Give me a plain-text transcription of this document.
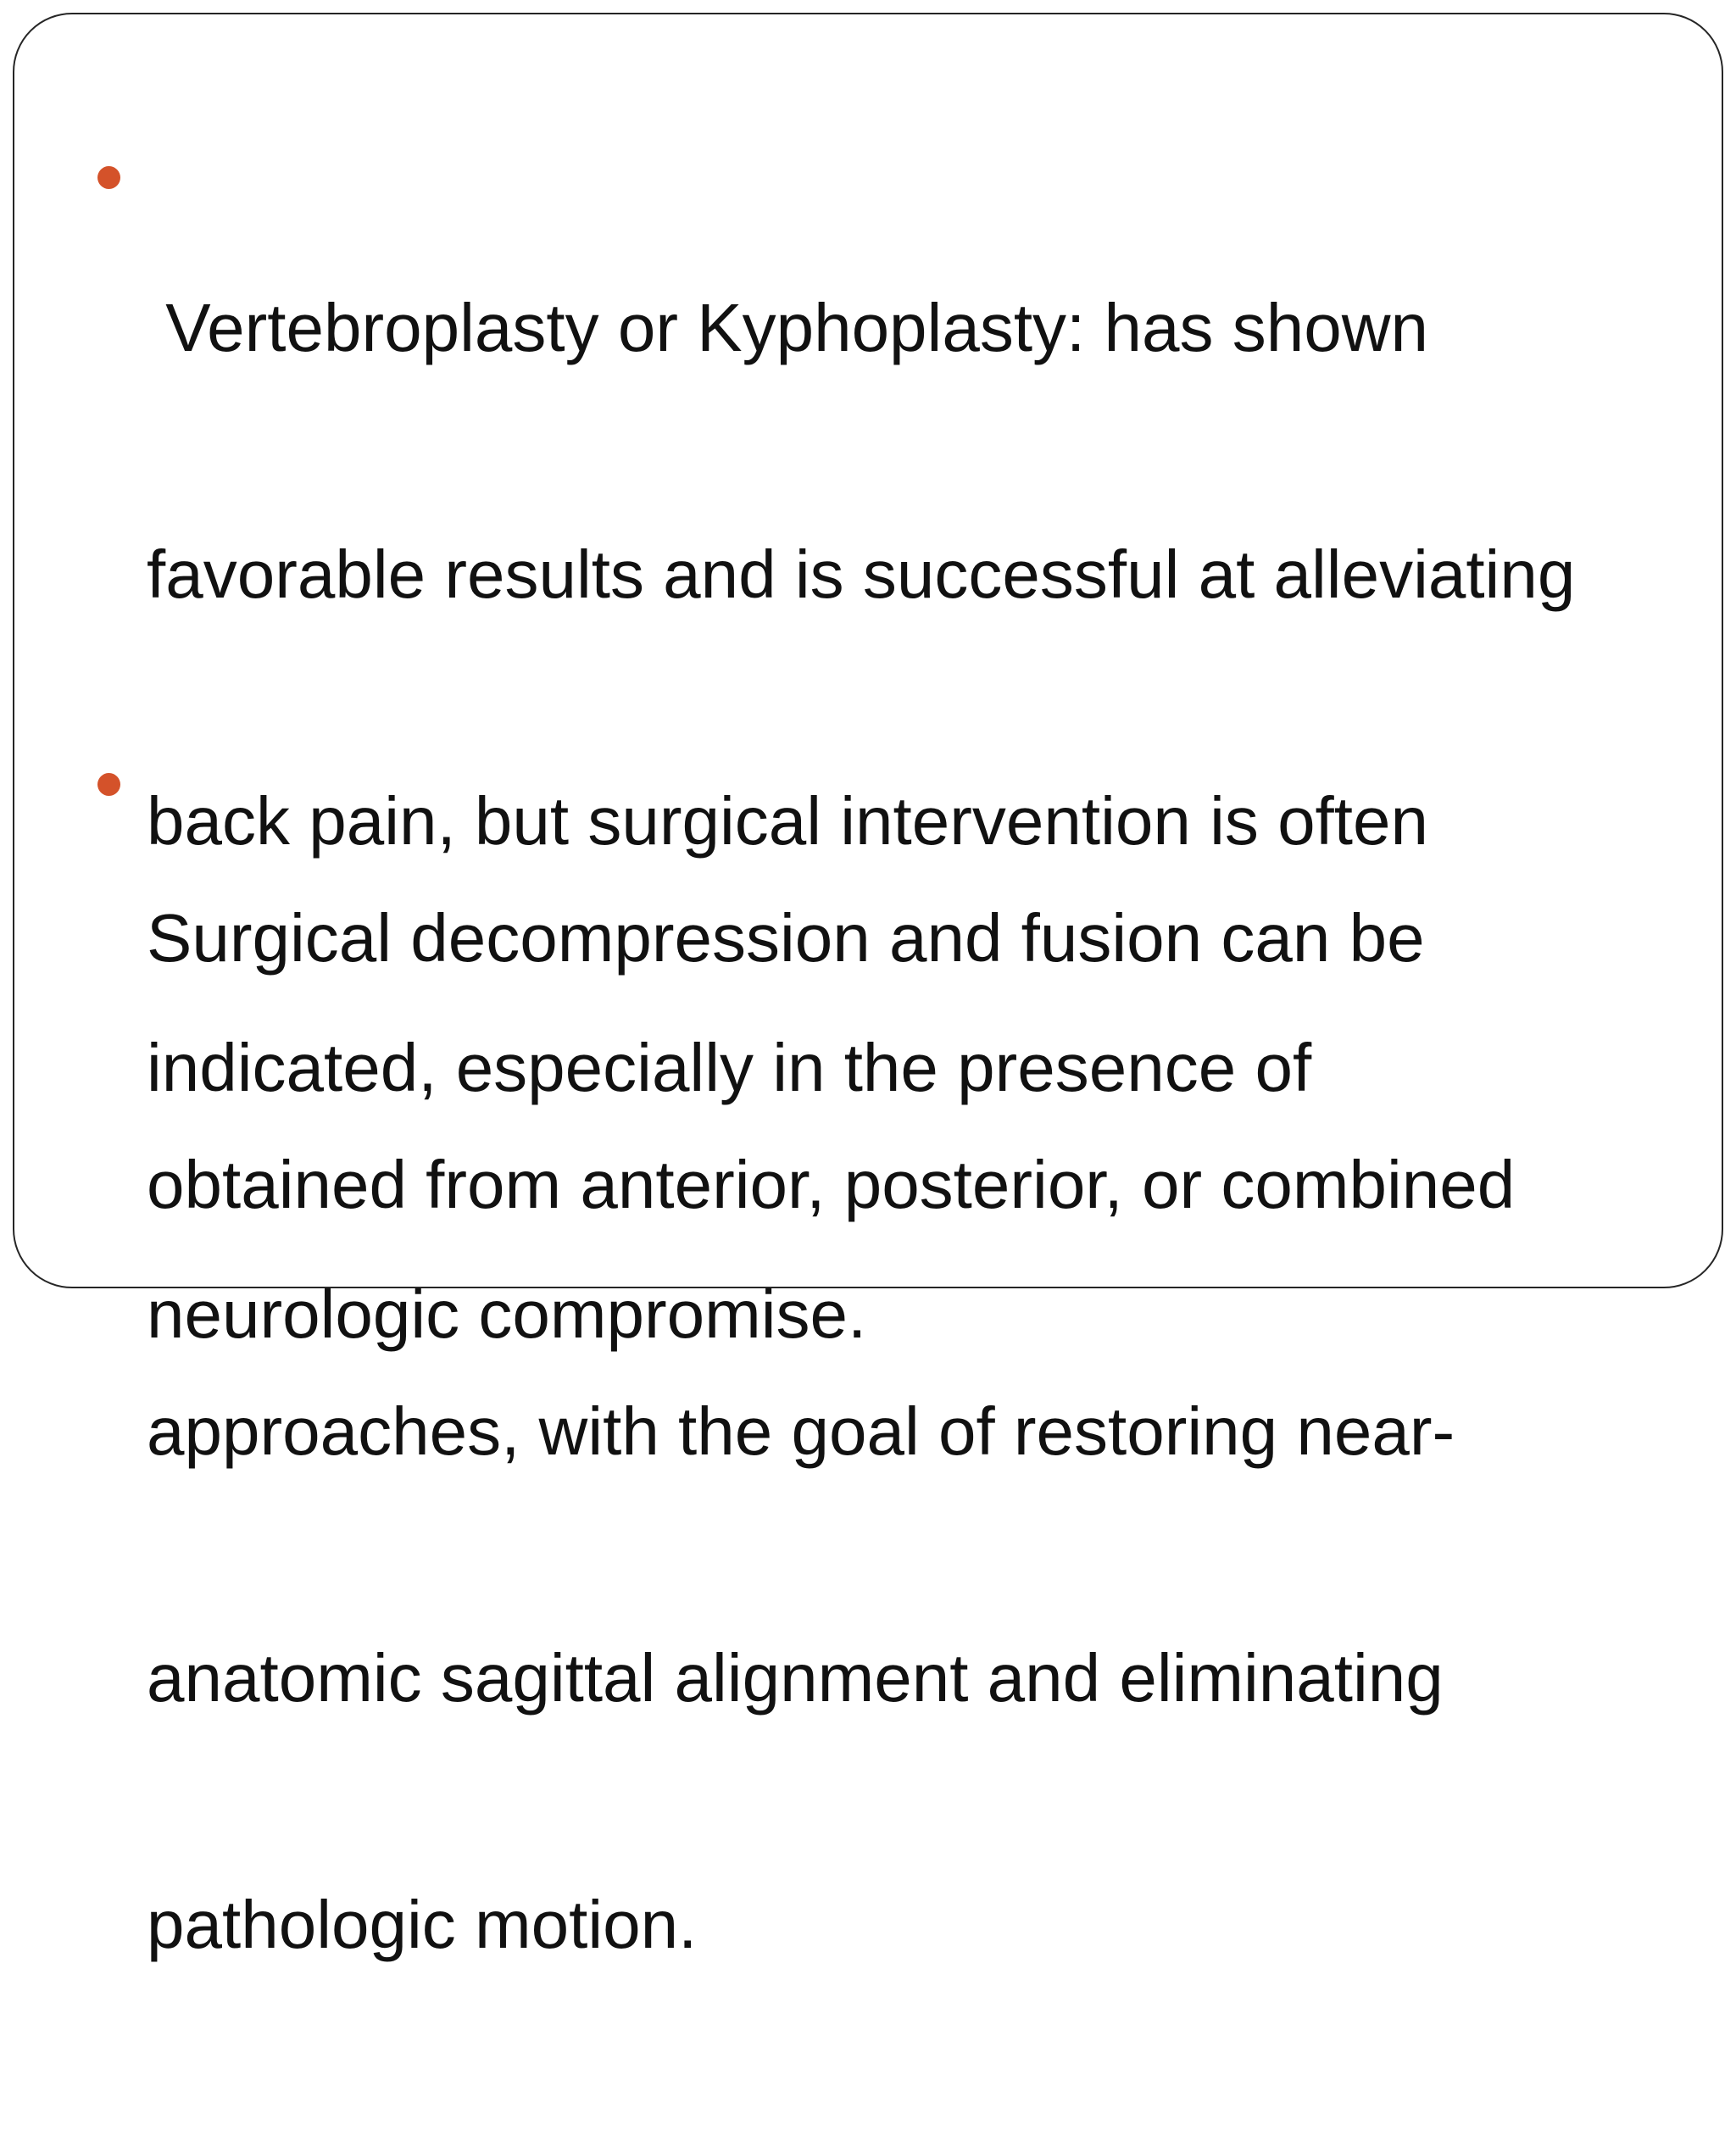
Vertebroplasty or Kyphoplasty: has shown

favorable results and is successful at alleviating

back pain, but surgical intervention is often

indicated, especially in the presence of

neurologic compromise.

Surgical decompression and fusion can be

obtained from anterior, posterior, or combined

approaches, with the goal of restoring near-

anatomic sagittal alignment and eliminating

pathologic motion.
